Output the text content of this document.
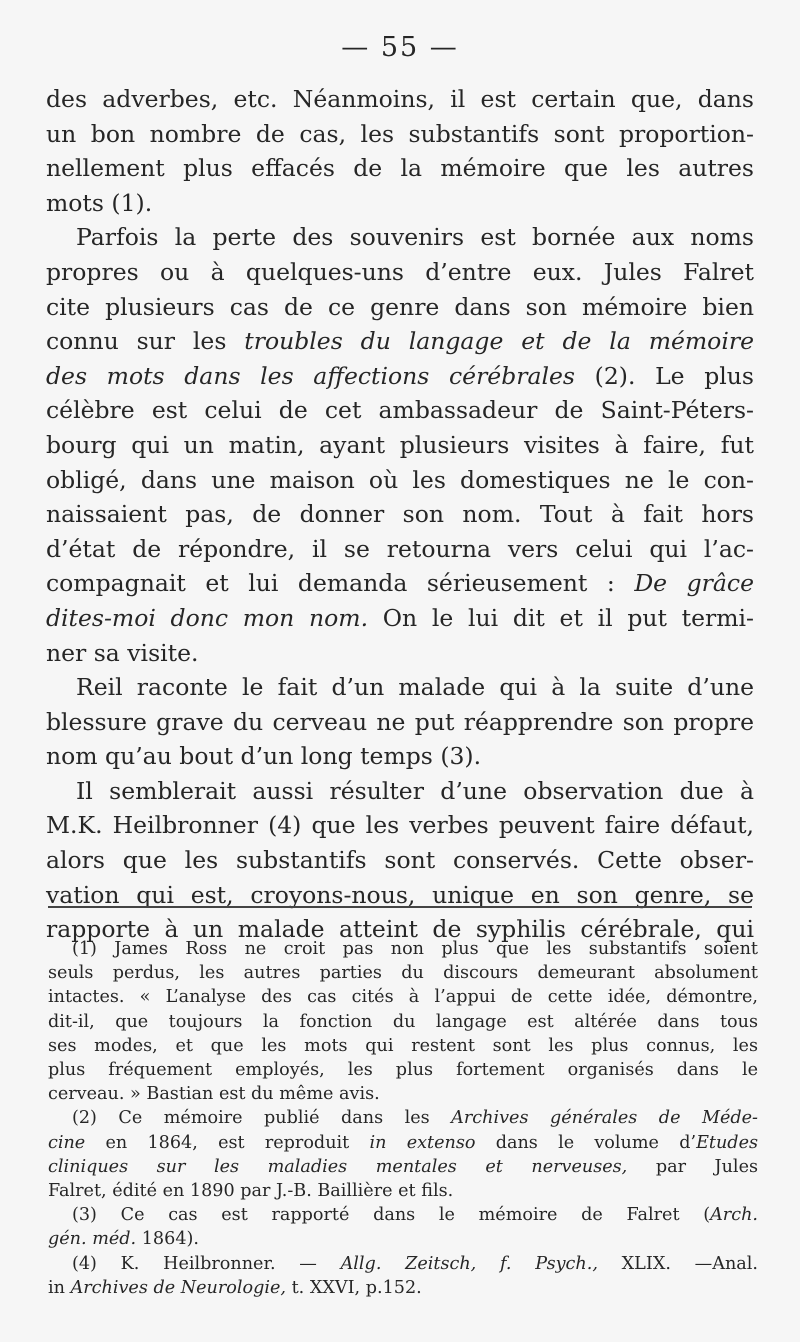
— 55 —

des adverbes, etc. Néanmoins, il est certain que, dans

un bon nombre de cas, les substantifs sont proportion-

nellement plus effacés de la mémoire que les autres

mots (1).

Parfois la perte des souvenirs est bornée aux noms

propres ou à quelques-uns d’entre eux. Jules Falret

cite plusieurs cas de ce genre dans son mémoire bien

connu sur les troubles du langage et de la mémoire

des mots dans les affections cérébrales (2). Le plus

célèbre est celui de cet ambassadeur de Saint-Péters-

bourg qui un matin, ayant plusieurs visites à faire, fut

obligé, dans une maison où les domestiques ne le con-

naissaient pas, de donner son nom. Tout à fait hors

d’état de répondre, il se retourna vers celui qui l’ac-

compagnait et lui demanda sérieusement : De grâce

dites-moi donc mon nom. On le lui dit et il put termi-

ner sa visite.

Reil raconte le fait d’un malade qui à la suite d’une

blessure grave du cerveau ne put réapprendre son propre

nom qu’au bout d’un long temps (3).

Il semblerait aussi résulter d’une observation due à

M.K. Heilbronner (4) que les verbes peuvent faire défaut,

alors que les substantifs sont conservés. Cette obser-

vation qui est, croyons-nous, unique en son genre, se

rapporte à un malade atteint de syphilis cérébrale, qui

(1) James Ross ne croit pas non plus que les substantifs soient

seuls perdus, les autres parties du discours demeurant absolument

intactes. « L’analyse des cas cités à l’appui de cette idée, démontre,

dit-il, que toujours la fonction du langage est altérée dans tous

ses modes, et que les mots qui restent sont les plus connus, les

plus fréquement employés, les plus fortement organisés dans le

cerveau. » Bastian est du même avis.

(2) Ce mémoire publié dans les Archives générales de Méde-

cine en 1864, est reproduit in extenso dans le volume d’Etudes

cliniques sur les maladies mentales et nerveuses, par Jules

Falret, édité en 1890 par J.-B. Baillière et fils.

(3) Ce cas est rapporté dans le mémoire de Falret (Arch.

gén. méd. 1864).

(4) K. Heilbronner. — Allg. Zeitsch, f. Psych., XLIX. —Anal.

in Archives de Neurologie, t. XXVI, p.152.
